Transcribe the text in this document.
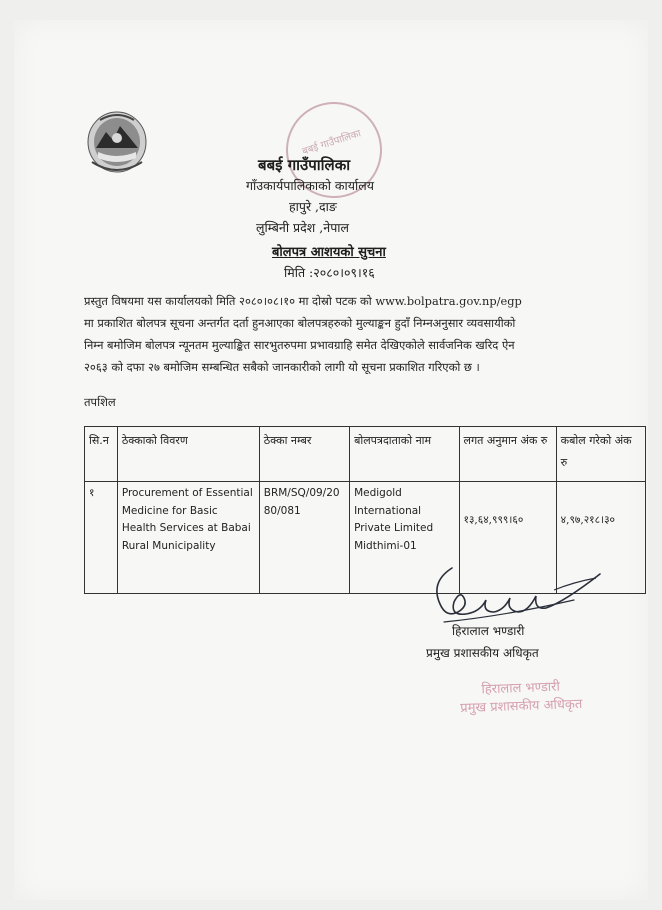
बबई गाउँपालिका
बबई गाउँपालिका
गाँउकार्यपालिकाको कार्यालय
हापुरे ,दाङ
लुम्बिनी प्रदेश ,नेपाल
बोलपत्र आशयको सुचना
मिति :२०८०।०९।१६
प्रस्तुत विषयमा यस कार्यालयको मिति २०८०।०८।१० मा दोस्रो पटक को www.bolpatra.gov.np/egp
मा प्रकाशित बोलपत्र सूचना अन्तर्गत दर्ता हुनआएका बोलपत्रहरुको मुल्याङ्कन हुदाँ निम्नअनुसार व्यवसायीको
निम्न बमोजिम बोलपत्र न्यूनतम मुल्याङ्कित सारभुतरुपमा प्रभावग्राहि समेत देखिएकोले सार्वजनिक खरिद ऐन
२०६३ को दफा २७ बमोजिम सम्बन्धित सबैको जानकारीको लागी यो सूचना प्रकाशित गरिएको छ ।
तपशिल
सि.न	ठेक्काको विवरण	ठेक्का नम्बर	बोलपत्रदाताको नाम	लगत अनुमान अंक रु	कबोल गरेको अंक रु
१	Procurement of Essential Medicine for Basic Health Services at Babai Rural Municipality	BRM/SQ/09/2080/081	Medigold International Private Limited Midthimi-01	१३,६४,९९९।६०	४,९७,२१८।३०
हिरालाल भण्डारी
प्रमुख प्रशासकीय अधिकृत
हिरालाल भण्डारी
प्रमुख प्रशासकीय अधिकृत
